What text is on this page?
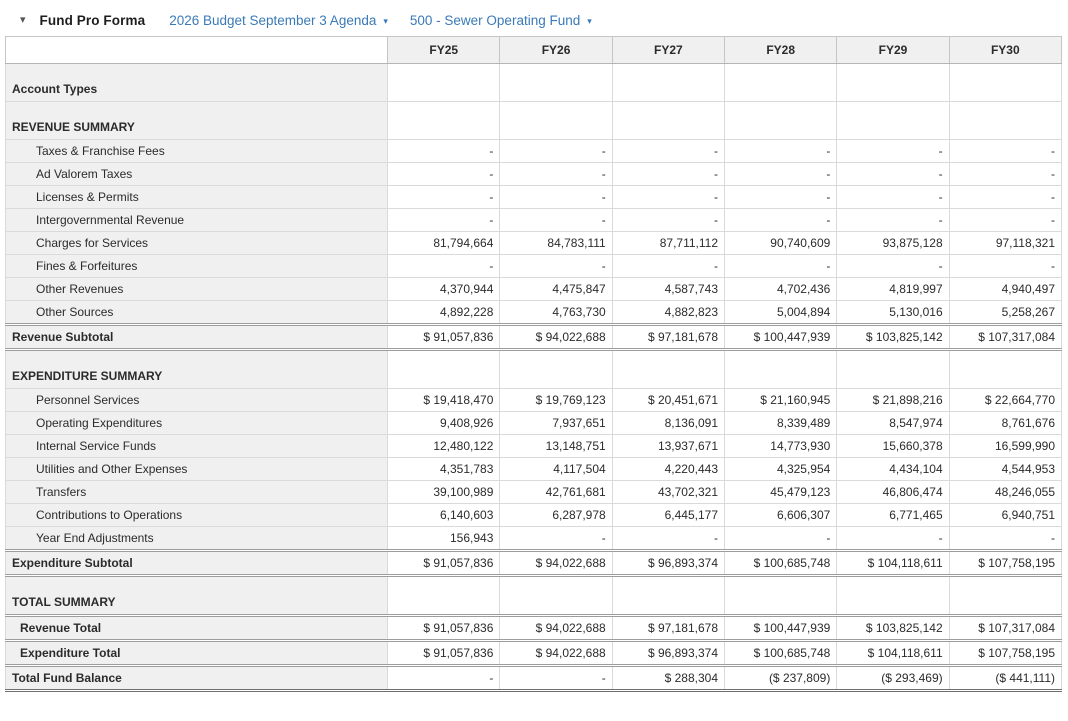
▾ Fund Pro Forma 2026 Budget September 3 Agenda ▾ 500 - Sewer Operating Fund ▾
	FY25	FY26	FY27	FY28	FY29	FY30
Account Types						
REVENUE SUMMARY						
Taxes & Franchise Fees	-	-	-	-	-	-
Ad Valorem Taxes	-	-	-	-	-	-
Licenses & Permits	-	-	-	-	-	-
Intergovernmental Revenue	-	-	-	-	-	-
Charges for Services	81,794,664	84,783,111	87,711,112	90,740,609	93,875,128	97,118,321
Fines & Forfeitures	-	-	-	-	-	-
Other Revenues	4,370,944	4,475,847	4,587,743	4,702,436	4,819,997	4,940,497
Other Sources	4,892,228	4,763,730	4,882,823	5,004,894	5,130,016	5,258,267
Revenue Subtotal	$ 91,057,836	$ 94,022,688	$ 97,181,678	$ 100,447,939	$ 103,825,142	$ 107,317,084
EXPENDITURE SUMMARY						
Personnel Services	$ 19,418,470	$ 19,769,123	$ 20,451,671	$ 21,160,945	$ 21,898,216	$ 22,664,770
Operating Expenditures	9,408,926	7,937,651	8,136,091	8,339,489	8,547,974	8,761,676
Internal Service Funds	12,480,122	13,148,751	13,937,671	14,773,930	15,660,378	16,599,990
Utilities and Other Expenses	4,351,783	4,117,504	4,220,443	4,325,954	4,434,104	4,544,953
Transfers	39,100,989	42,761,681	43,702,321	45,479,123	46,806,474	48,246,055
Contributions to Operations	6,140,603	6,287,978	6,445,177	6,606,307	6,771,465	6,940,751
Year End Adjustments	156,943	-	-	-	-	-
Expenditure Subtotal	$ 91,057,836	$ 94,022,688	$ 96,893,374	$ 100,685,748	$ 104,118,611	$ 107,758,195
TOTAL SUMMARY						
Revenue Total	$ 91,057,836	$ 94,022,688	$ 97,181,678	$ 100,447,939	$ 103,825,142	$ 107,317,084
Expenditure Total	$ 91,057,836	$ 94,022,688	$ 96,893,374	$ 100,685,748	$ 104,118,611	$ 107,758,195
Total Fund Balance	-	-	$ 288,304	($ 237,809)	($ 293,469)	($ 441,111)
